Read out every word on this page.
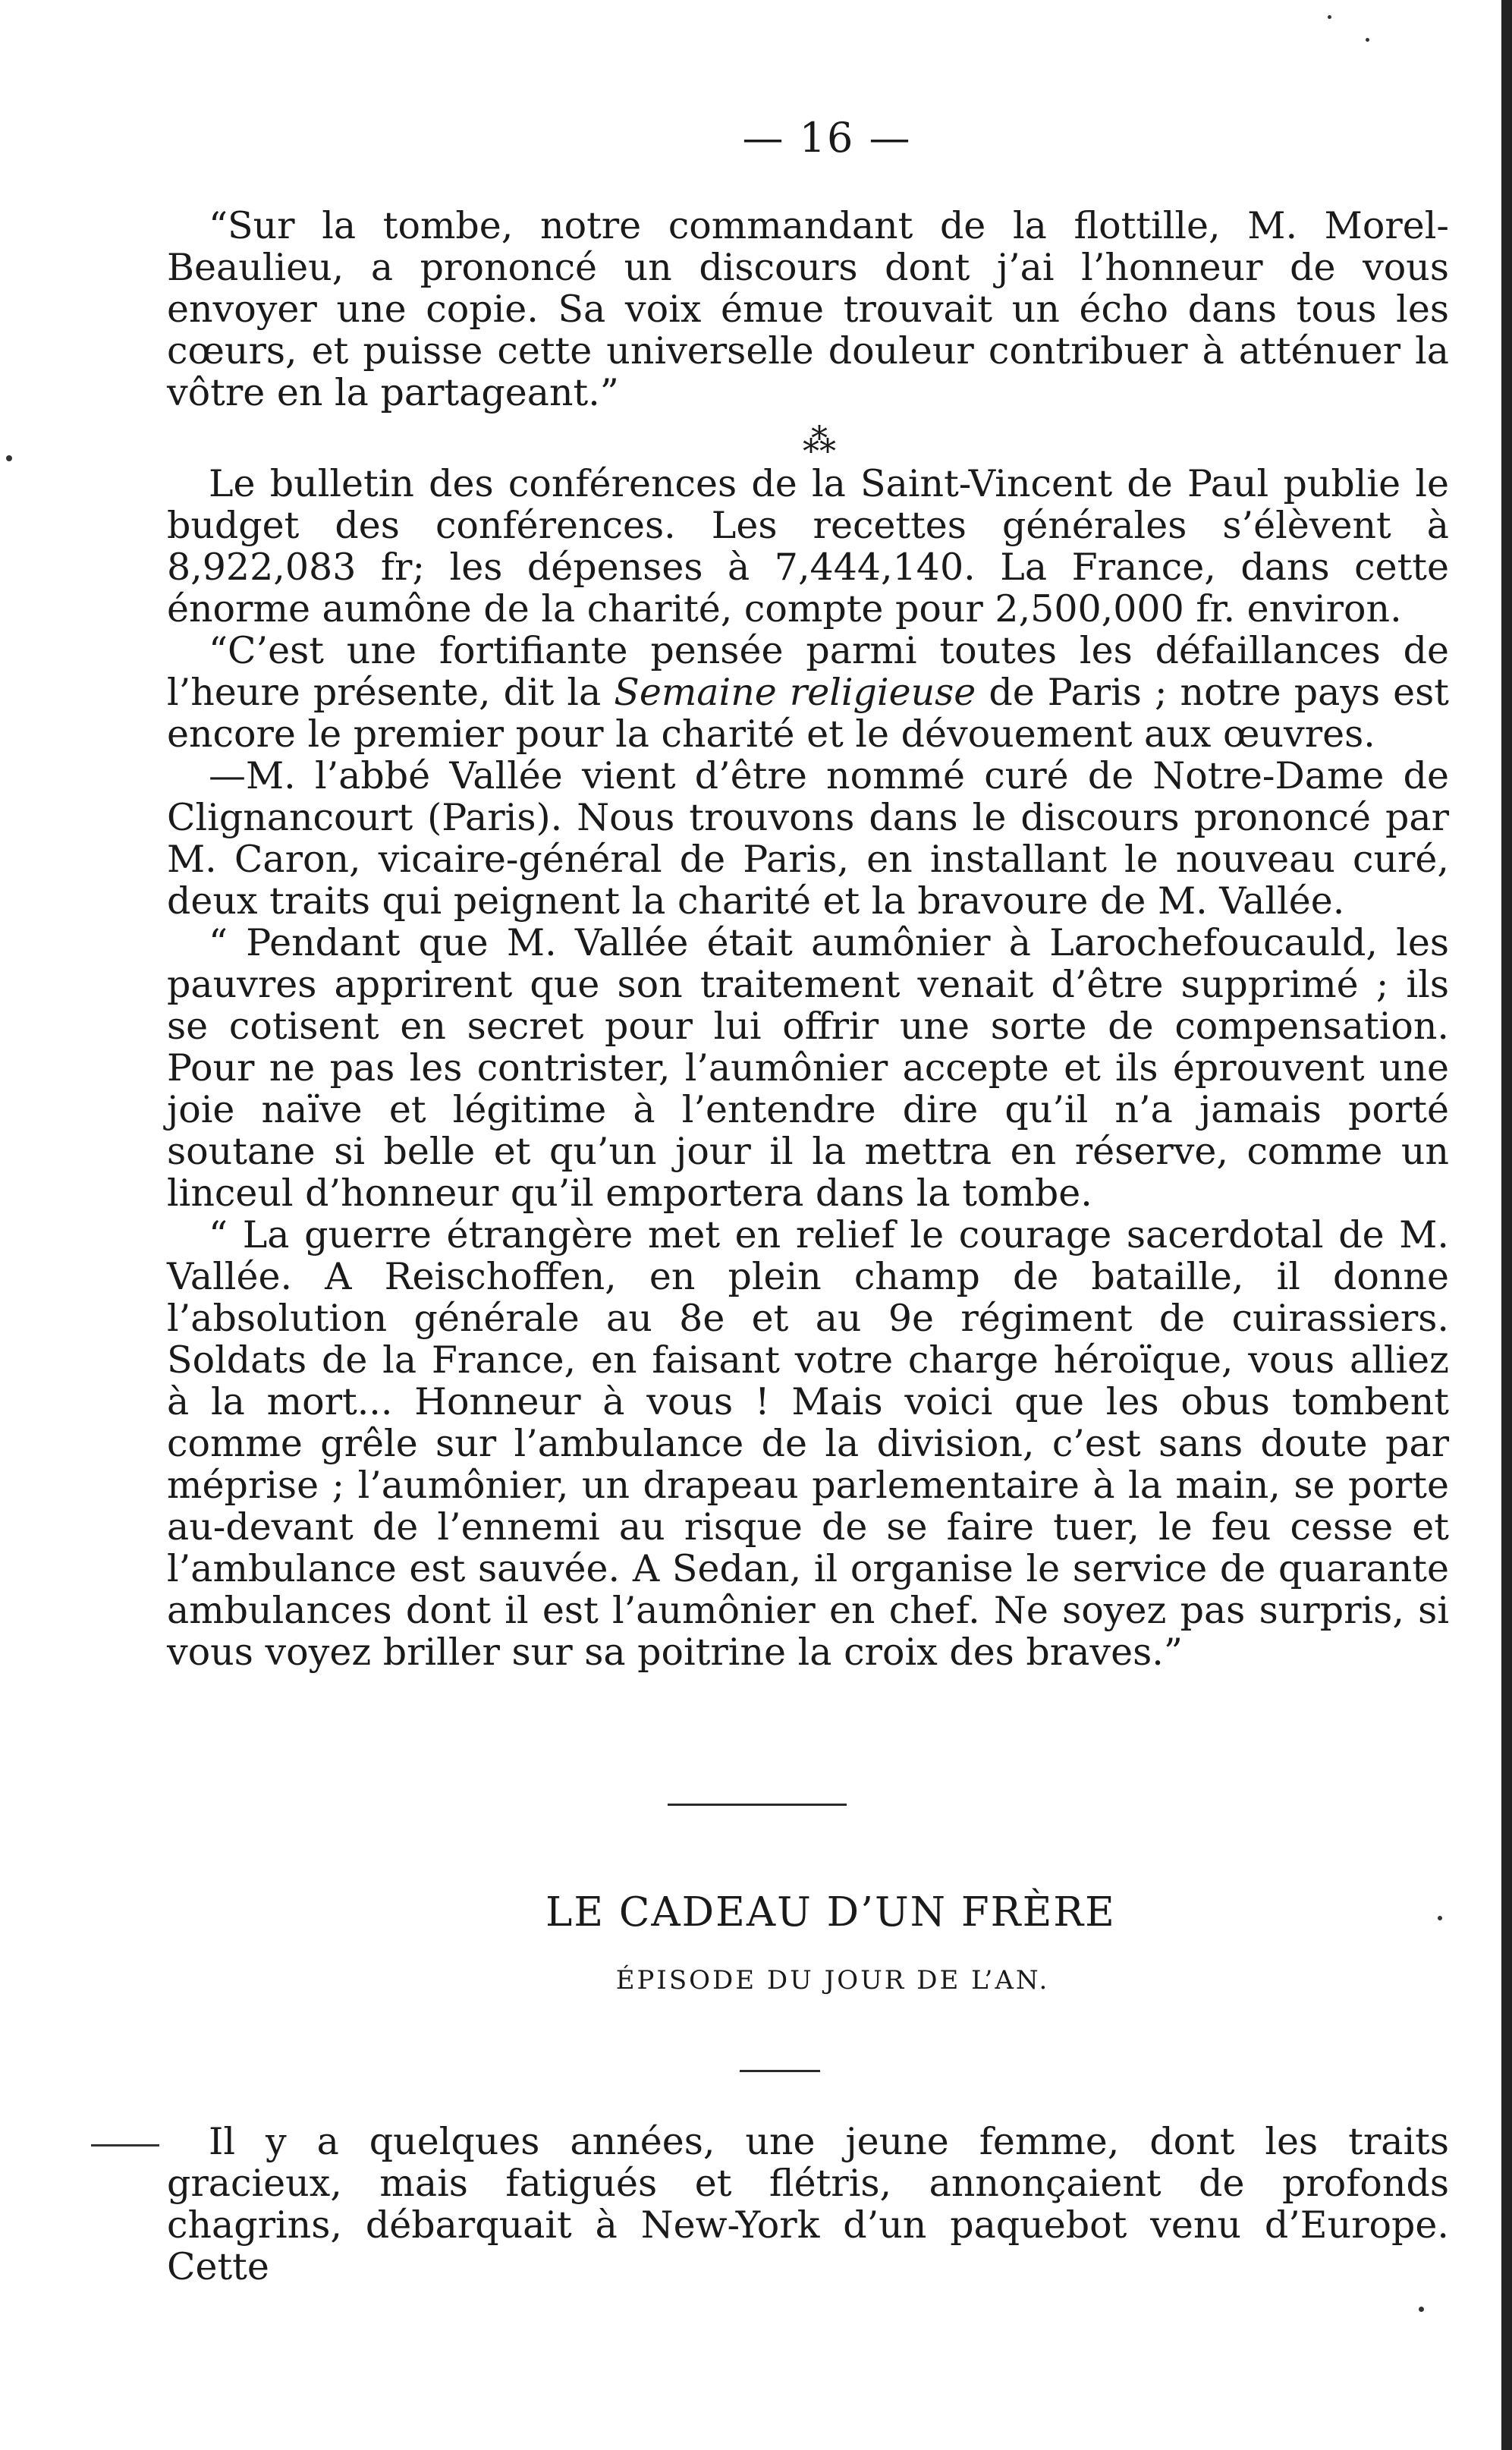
— 16 —

“Sur la tombe, notre commandant de la flottille, M. Morel-Beaulieu, a prononcé un discours dont j’ai l’honneur de vous envoyer une copie. Sa voix émue trouvait un écho dans tous les cœurs, et puisse cette universelle douleur contribuer à atténuer la vôtre en la partageant.”

⁂

Le bulletin des conférences de la Saint-Vincent de Paul publie le budget des conférences. Les recettes générales s’élèvent à 8,922,083 fr; les dépenses à 7,444,140. La France, dans cette énorme aumône de la charité, compte pour 2,500,000 fr. environ.

“C’est une fortifiante pensée parmi toutes les défaillances de l’heure présente, dit la Semaine religieuse de Paris ; notre pays est encore le premier pour la charité et le dévouement aux œuvres.

—M. l’abbé Vallée vient d’être nommé curé de Notre-Dame de Clignancourt (Paris). Nous trouvons dans le discours prononcé par M. Caron, vicaire-général de Paris, en installant le nouveau curé, deux traits qui peignent la charité et la bravoure de M. Vallée.

“ Pendant que M. Vallée était aumônier à Larochefoucauld, les pauvres apprirent que son traitement venait d’être supprimé ; ils se cotisent en secret pour lui offrir une sorte de compensation. Pour ne pas les contrister, l’aumônier accepte et ils éprouvent une joie naïve et légitime à l’entendre dire qu’il n’a jamais porté soutane si belle et qu’un jour il la mettra en réserve, comme un linceul d’honneur qu’il emportera dans la tombe.

“ La guerre étrangère met en relief le courage sacerdotal de M. Vallée. A Reischoffen, en plein champ de bataille, il donne l’absolution générale au 8e et au 9e régiment de cuirassiers. Soldats de la France, en faisant votre charge héroïque, vous alliez à la mort... Honneur à vous ! Mais voici que les obus tombent comme grêle sur l’ambulance de la division, c’est sans doute par méprise ; l’aumônier, un drapeau parlementaire à la main, se porte au-devant de l’ennemi au risque de se faire tuer, le feu cesse et l’ambulance est sauvée. A Sedan, il organise le service de quarante ambulances dont il est l’aumônier en chef. Ne soyez pas surpris, si vous voyez briller sur sa poitrine la croix des braves.”

LE CADEAU D’UN FRÈRE
ÉPISODE DU JOUR DE L’AN.

Il y a quelques années, une jeune femme, dont les traits gracieux, mais fatigués et flétris, annonçaient de profonds chagrins, débarquait à New-York d’un paquebot venu d’Europe. Cette
